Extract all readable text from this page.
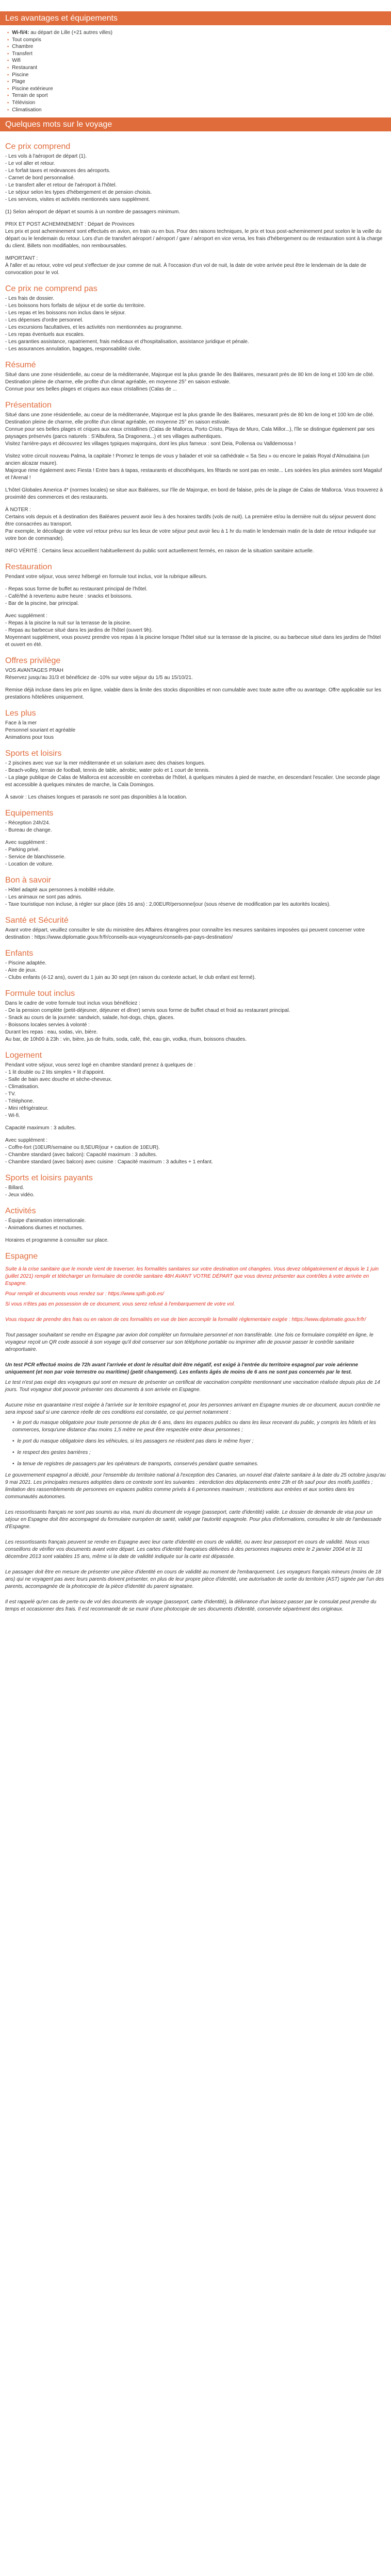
Les avantages et équipements
▪ Wi-fi/4: au départ de Lille (+21 autres villes)
▪ Tout compris
▪ Chambre
▪ Transfert
▪ Wifi
▪ Restaurant
▪ Piscine
▪ Plage
▪ Piscine extérieure
▪ Terrain de sport
▪ Télévision
▪ Climatisation
Quelques mots sur le voyage
Ce prix comprend
- Les vols à l'aéroport de départ (1).
- Le vol aller et retour.
- Le forfait taxes et redevances des aéroports.
- Carnet de bord personnalisé.
- Le transfert aller et retour de l'aéroport à l'hôtel.
- Le séjour selon les types d'hébergement et de pension choisis.
- Les services, visites et activités mentionnés sans supplément.
(1) Selon aéroport de départ et soumis à un nombre de passagers minimum.
PRIX ET POST ACHEMINEMENT : Départ de Provinces
Les prix et post acheminement sont effectués en avion, en train ou en bus. Pour des raisons techniques, le prix et tous post-acheminement peut scelon le la veille du départ ou le lendemain du retour. Lors d'un de transfert aéroport / aéroport / gare / aéroport en vice versa, les frais d'hébergement ou de restauration sont à la charge du client. Billets non modifiables, non remboursables.
IMPORTANT :
À l'aller et au retour, votre vol peut s'effectuer de jour comme de nuit. À l'occasion d'un vol de nuit, la date de votre arrivée peut être le lendemain de la date de convocation pour le vol.
Ce prix ne comprend pas
- Les frais de dossier.
- Les boissons hors forfaits de séjour et de sortie du territoire.
- Les repas et les boissons non inclus dans le séjour.
- Les dépenses d'ordre personnel.
- Les excursions facultatives, et les activités non mentionnées au programme.
- Les repas éventuels aux escales.
- Les garanties assistance, rapatriement, frais médicaux et d'hospitalisation, assistance juridique et pénale.
- Les assurances annulation, bagages, responsabilité civile.
Résumé
Situé dans une zone résidentielle, au coeur de la méditerranée, Majorque est la plus grande île des Baléares, mesurant près de 80 km de long et 100 km de côté.
Destination pleine de charme, elle profite d'un climat agréable, en moyenne 25° en saison estivale.
Connue pour ses belles plages et criques aux eaux cristallines (Calas de ...
Présentation
Situé dans une zone résidentielle, au coeur de la méditerranée, Majorque est la plus grande île des Baléares, mesurant près de 80 km de long et 100 km de côté.
Destination pleine de charme, elle profite d'un climat agréable, en moyenne 25° en saison estivale.
Connue pour ses belles plages et criques aux eaux cristallines (Calas de Mallorca, Porto Cristo, Playa de Muro, Cala Millor...), l'île se distingue également par ses paysages préservés (parcs naturels : S'Albufera, Sa Dragonera...) et ses villages authentiques.
Visitez l'arrière-pays et découvrez les villages typiques majorquins, dont les plus fameux : sont Deia, Pollensa ou Valldemossa !
Visitez votre circuit nouveau Palma, la capitale ! Promez le temps de vous y balader et voir sa cathédrale « Sa Seu » ou encore le palais Royal d'Almudaina (un ancien alcazar maure).
Majorque rime également avec Fiesta ! Entre bars à tapas, restaurants et discothèques, les fêtards ne sont pas en reste... Les soirées les plus animées sont Magaluf et l'Arenal !
L'hôtel Globales America 4* (normes locales) se situe aux Baléares, sur l'île de Majorque, en bord de falaise, près de la plage de Calas de Mallorca. Vous trouverez à proximité des commerces et des restaurants.
À NOTER :
Certains vols depuis et à destination des Baléares peuvent avoir lieu à des horaires tardifs (vols de nuit). La première et/ou la dernière nuit du séjour peuvent donc être consacrées au transport.
Par exemple, le décollage de votre vol retour prévu sur les lieux de votre séjour peut avoir lieu à 1 hr du matin le lendemain matin de la date de retour indiquée sur votre bon de commande).
INFO VÉRITÉ : Certains lieux accueillent habituellement du public sont actuellement fermés, en raison de la situation sanitaire actuelle.
Restauration
Pendant votre séjour, vous serez hébergé en formule tout inclus, voir la rubrique ailleurs.
- Repas sous forme de buffet au restaurant principal de l'hôtel.
- Café/thé à revertenu autre heure : snacks et boissons.
- Bar de la piscine, bar principal.
Avec supplément :
- Repas à la piscine la nuit sur la terrasse de la piscine.
- Repas au barbecue situé dans les jardins de l'hôtel (ouvert 9h).
Moyennant supplément, vous pouvez prendre vos repas à la piscine lorsque l'hôtel situé sur la terrasse de la piscine, ou au barbecue situé dans les jardins de l'hôtel et ouvert en été.
Offres privilège
VOS AVANTAGES PRAH
Réservez jusqu'au 31/3 et bénéficiez de -10% sur votre séjour du 1/5 au 15/10/21.
Remise déjà incluse dans les prix en ligne, valable dans la limite des stocks disponibles et non cumulable avec toute autre offre ou avantage. Offre applicable sur les prestations hôtelières uniquement.
Les plus
Face à la mer
Personnel souriant et agréable
Animations pour tous
Sports et loisirs
- 2 piscines avec vue sur la mer méditerranée et un solarium avec des chaises longues.
- Beach-volley, terrain de football, tennis de table, aérobic, water polo et 1 court de tennis.
- La plage publique de Calas de Mallorca est accessible en contrebas de l'hôtel, à quelques minutes à pied de marche, en descendant l'escalier. Une seconde plage est accessible à quelques minutes de marche, la Cala Domingos.
À savoir : Les chaises longues et parasols ne sont pas disponibles à la location.
Equipements
- Réception 24h/24.
- Bureau de change.
Avec supplément :
- Parking privé.
- Service de blanchisserie.
- Location de voiture.
Bon à savoir
- Hôtel adapté aux personnes à mobilité réduite.
- Les animaux ne sont pas admis.
- Taxe touristique non incluse, à régler sur place (dès 16 ans) : 2,00EUR/personne/jour (sous réserve de modification par les autorités locales).
Santé et Sécurité
Avant votre départ, veuillez consulter le site du ministère des Affaires étrangères pour connaître les mesures sanitaires imposées qui peuvent concerner votre destination : https://www.diplomatie.gouv.fr/fr/conseils-aux-voyageurs/conseils-par-pays-destination/
Enfants
- Piscine adaptée.
- Aire de jeux.
- Clubs enfants (4-12 ans), ouvert du 1 juin au 30 sept (en raison du contexte actuel, le club enfant est fermé).
Formule tout inclus
Dans le cadre de votre formule tout inclus vous bénéficiez :
- De la pension complète (petit-déjeuner, déjeuner et dîner) servis sous forme de buffet chaud et froid au restaurant principal.
- Snack au cours de la journée: sandwich, salade, hot-dogs, chips, glaces.
- Boissons locales servies à volonté :
Durant les repas : eau, sodas, vin, bière.
Au bar, de 10h00 à 23h : vin, bière, jus de fruits, soda, café, thé, eau gin, vodka, rhum, boissons chaudes.
Logement
Pendant votre séjour, vous serez logé en chambre standard prenez à quelques de :
- 1 lit double ou 2 lits simples + lit d'appoint.
- Salle de bain avec douche et sèche-cheveux.
- Climatisation.
- TV.
- Téléphone.
- Mini réfrigérateur.
- Wi-fi.
Capacité maximum : 3 adultes.
Avec supplément :
- Coffre-fort (10EUR/semaine ou 8,5EUR/jour + caution de 10EUR).
- Chambre standard (avec balcon): Capacité maximum : 3 adultes.
- Chambre standard (avec balcon) avec cuisine : Capacité maximum : 3 adultes + 1 enfant.
Sports et loisirs payants
- Billard.
- Jeux vidéo.
Activités
- Équipe d'animation internationale.
- Animations diurnes et nocturnes.
Horaires et programme à consulter sur place.
Espagne

Suite à la crise sanitaire que le monde vient de traverser, les formalités sanitaires sur votre destination ont changées. Vous devez obligatoirement et depuis le 1 juin (juillet 2021) remplir et télécharger un formulaire de contrôle sanitaire 48H AVANT VOTRE DÉPART que vous devrez présenter aux contrôles à votre arrivée en Espagne.

Pour remplir et documents vous rendez sur : https://www.spth.gob.es/

Si vous n'êtes pas en possession de ce document, vous serez refusé à l'embarquement de votre vol.

Vous risquez de prendre des frais ou en raison de ces formalités en vue de bien accomplir la formalité réglementaire exigée : https://www.diplomatie.gouv.fr/fr/

Tout passager souhaitant se rendre en Espagne par avion doit compléter un formulaire personnel et non transférable. Une fois ce formulaire complété en ligne, le voyageur reçoit un QR code associé à son voyage qu'il doit conserver sur son téléphone portable ou imprimer afin de pouvoir passer le contrôle sanitaire aéroportuaire.

Un test PCR effectué moins de 72h avant l'arrivée et dont le résultat doit être négatif, est exigé à l'entrée du territoire espagnol par voie aérienne uniquement (et non par voie terrestre ou maritime) (petit changement). Les enfants âgés de moins de 6 ans ne sont pas concernés par le test.

Le test n'est pas exigé des voyageurs qui sont en mesure de présenter un certificat de vaccination complète mentionnant une vaccination réalisée depuis plus de 14 jours. Tout voyageur doit pouvoir présenter ces documents à son arrivée en Espagne.

Aucune mise en quarantaine n'est exigée à l'arrivée sur le territoire espagnol et, pour les personnes arrivant en Espagne munies de ce document, aucun contrôle ne sera imposé sauf si une carence réelle de ces conditions est constatée, ce qui permet notamment :

• le port du masque obligatoire pour toute personne de plus de 6 ans, dans les espaces publics ou dans les lieux recevant du public, y compris les hôtels et les commerces, lorsqu'une distance d'au moins 1,5 mètre ne peut être respectée entre deux personnes ;
• le port du masque obligatoire dans les véhicules, si les passagers ne résident pas dans le même foyer ;
• le respect des gestes barrières ;
• la tenue de registres de passagers par les opérateurs de transports, conservés pendant quatre semaines.

Le gouvernement espagnol a décidé, pour l'ensemble du territoire national à l'exception des Canaries, un nouvel état d'alerte sanitaire à la date du 25 octobre jusqu'au 9 mai 2021. Les principales mesures adoptées dans ce contexte sont les suivantes : interdiction des déplacements entre 23h et 6h sauf pour des motifs justifiés ; limitation des rassemblements de personnes en espaces publics comme privés à 6 personnes maximum ; restrictions aux entrées et aux sorties dans les communautés autonomes.

Les ressortissants français ne sont pas soumis au visa, muni du document de voyage (passeport, carte d'identité) valide. Le dossier de demande de visa pour un séjour en Espagne doit être accompagné du formulaire européen de santé, validé par l'autorité espagnole. Pour plus d'informations, consultez le site de l'ambassade d'Espagne.

Les ressortissants français peuvent se rendre en Espagne avec leur carte d'identité en cours de validité, ou avec leur passeport en cours de validité. Nous vous conseillons de vérifier vos documents avant votre départ. Les cartes d'identité françaises délivrées à des personnes majeures entre le 2 janvier 2004 et le 31 décembre 2013 sont valables 15 ans, même si la date de validité indiquée sur la carte est dépassée.

Le passager doit être en mesure de présenter une pièce d'identité en cours de validité au moment de l'embarquement. Les voyageurs français mineurs (moins de 18 ans) qui ne voyagent pas avec leurs parents doivent présenter, en plus de leur propre pièce d'identité, une autorisation de sortie du territoire (AST) signée par l'un des parents, accompagnée de la photocopie de la pièce d'identité du parent signataire.

Il est rappelé qu'en cas de perte ou de vol des documents de voyage (passeport, carte d'identité), la délivrance d'un laissez-passer par le consulat peut prendre du temps et occasionner des frais. Il est recommandé de se munir d'une photocopie de ses documents d'identité, conservée séparément des originaux.
